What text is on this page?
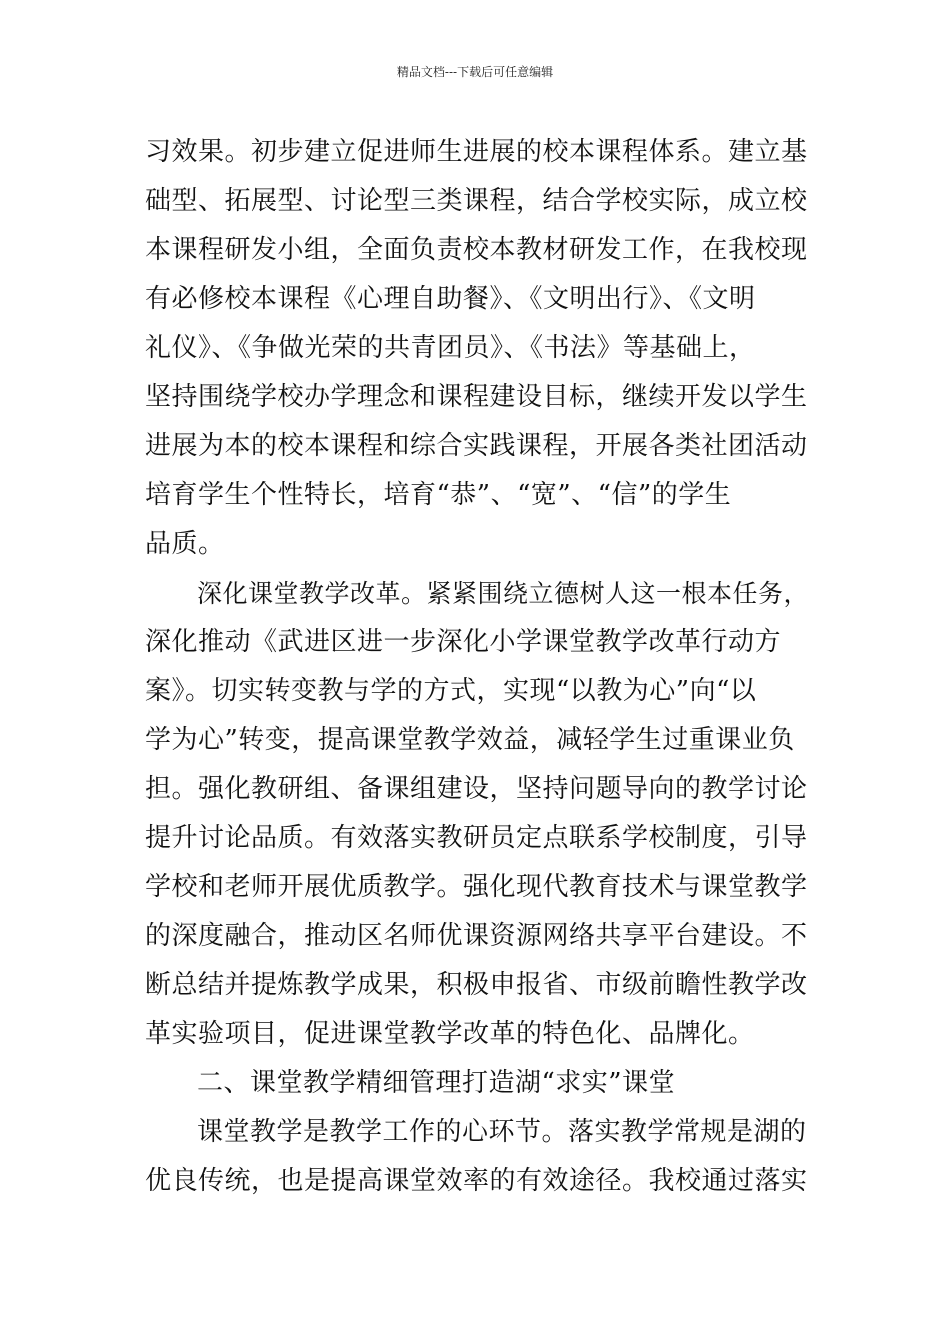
精品文档---下载后可任意编辑
习效果。初步建立促进师生进展的校本课程体系。建立基
础型、拓展型、讨论型三类课程，结合学校实际，成立校
本课程研发小组，全面负责校本教材研发工作，在我校现
有必修校本课程《心理自助餐》、《文明出行》、《文明
礼仪》、《争做光荣的共青团员》、《书法》等基础上，
坚持围绕学校办学理念和课程建设目标，继续开发以学生
进展为本的校本课程和综合实践课程，开展各类社团活动
培育学生个性特长，培育“恭”、“宽”、“信”的学生
品质。
深化课堂教学改革。紧紧围绕立德树人这一根本任务，
深化推动《武进区进一步深化小学课堂教学改革行动方
案》。切实转变教与学的方式，实现“以教为心”向“以
学为心”转变，提高课堂教学效益，减轻学生过重课业负
担。强化教研组、备课组建设，坚持问题导向的教学讨论
提升讨论品质。有效落实教研员定点联系学校制度，引导
学校和老师开展优质教学。强化现代教育技术与课堂教学
的深度融合，推动区名师优课资源网络共享平台建设。不
断总结并提炼教学成果，积极申报省、市级前瞻性教学改
革实验项目，促进课堂教学改革的特色化、品牌化。
二、课堂教学精细管理打造湖“求实”课堂
课堂教学是教学工作的心环节。落实教学常规是湖的
优良传统，也是提高课堂效率的有效途径。我校通过落实
